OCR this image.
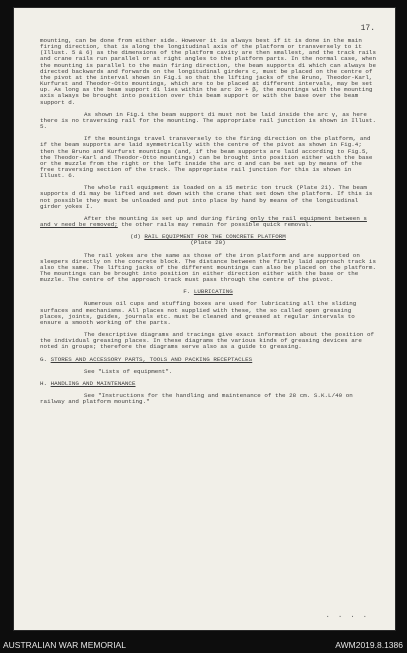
17.

mounting, can be done from either side. However it is always best if it is done in the main firing direction, that is along the longitudinal axis of the platform or transversely to it (Illust. 5 & 6) as the dimensions of the platform cavity are then smallest, and the track rails and crane rails run parallel or at right angles to the platform parts. In the normal case, when the mounting is parallel to the main firing direction, the beam supports d1 which can always be directed backwards and forwards on the longitudinal girders c, must be placed on the centre of the pivot at the interval shown in Fig.1 so that the lifting jacks of the Bruno, Theodor-Karl, Kurfurst and Theodor-Otto mountings, which are to be placed at different intervals, may be set up. As long as the beam support d1 lies within the arc 2α + β, the mountings with the mounting axis always be brought into position over this beam support or with the base over the beam support d.

As shown in Fig.1 the beam support d1 must not be laid inside the arc γ, as here there is no traversing rail for the mounting. The appropriate rail junction is shown in Illust. 5.

If the mountings travel transversely to the firing direction on the platform, and if the beam supports are laid symmetrically with the centre of the pivot as shown in Fig.4; then the Bruno and Kurfurst mountings (and, if the beam supports are laid according to Fig.5, the Theodor-Karl and Theodor-Otto mountings) can be brought into position either with the base or the muzzle from the right or the left inside the arc α and can be set up by means of the free traversing section of the track. The appropriate rail junction for this is shown in Illust. 6.

The whole rail equipment is loaded on a 15 metric ton truck (Plate 21). The beam supports d d1 may be lifted and set down with the crane that set down the platform. If this is not possible they must be unloaded and put into place by hand by means of the longitudinal girder yokes I.

After the mounting is set up and during firing only the rail equipment between s and v need be removed; the other rails may remain for possible quick removal.

(d) RAIL EQUIPMENT FOR THE CONCRETE PLATFORM
(Plate 20)

The rail yokes are the same as those of the iron platform and are supported on sleepers directly on the concrete block. The distance between the firmly laid approach track is also the same. The lifting jacks of the different mountings can also be placed on the platform. The mountings can be brought into position in either direction either with the base or the muzzle. The centre of the approach track must pass through the centre of the pivot.

F. LUBRICATING

Numerous oil cups and stuffing boxes are used for lubricating all the sliding surfaces and mechanisms. All places not supplied with these, the so called open greasing places, joints, guides, journals etc. must be cleaned and greased at regular intervals to ensure a smooth working of the parts.

The descriptive diagrams and tracings give exact information about the position of the individual greasing places. In these diagrams the various kinds of greasing devices are noted in groups; therefore the diagrams serve also as a guide to greasing.

G. STORES AND ACCESSORY PARTS, TOOLS AND PACKING RECEPTACLES

See "Lists of equipment".

H. HANDLING AND MAINTENANCE

See "Instructions for the handling and maintenance of the 28 cm. S.K.L/40 on railway and platform mounting."

. . . .
AUSTRALIAN WAR MEMORIAL	AWM2019.8.1386
